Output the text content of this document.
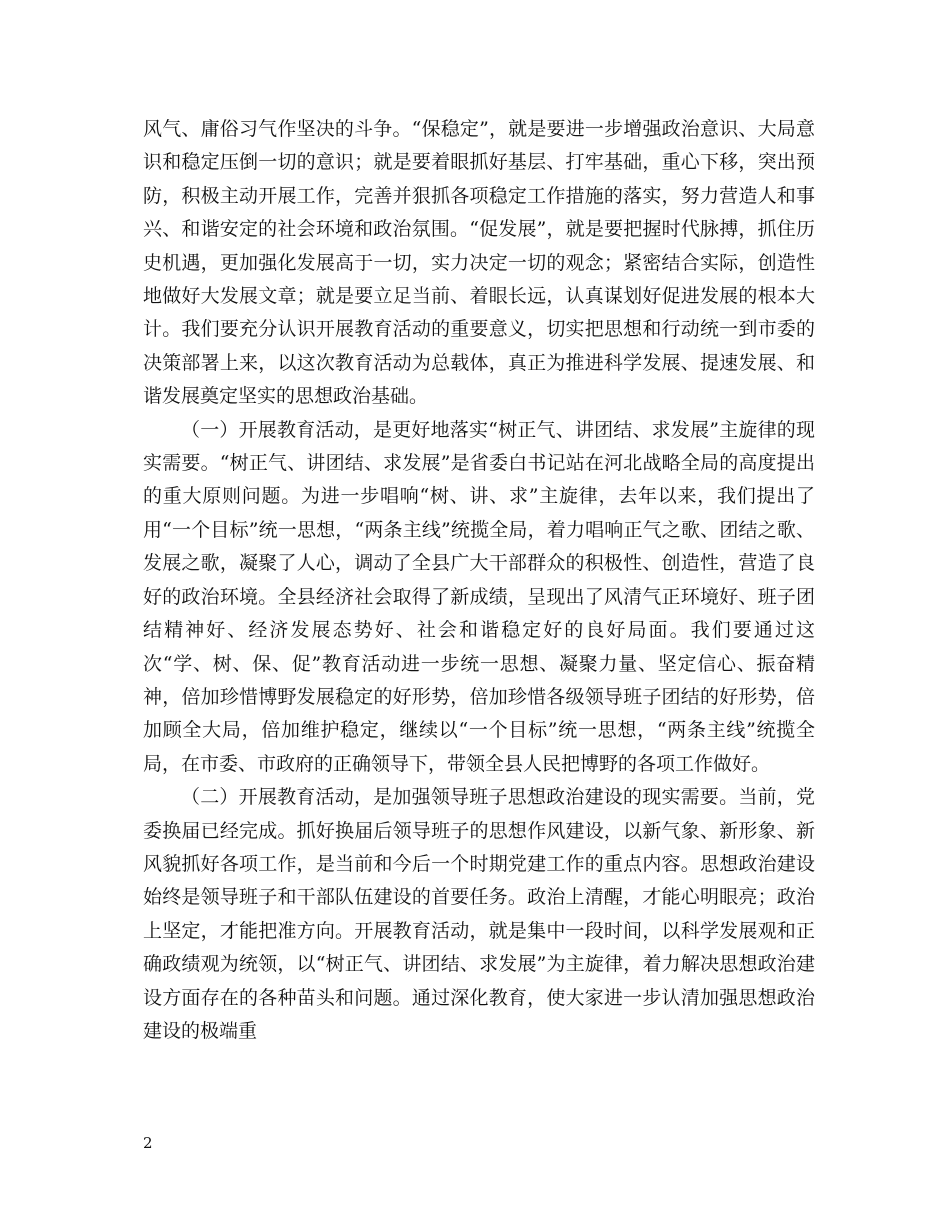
风气、庸俗习气作坚决的斗争。“保稳定”，就是要进一步增强政治意识、大局意识和稳定压倒一切的意识；就是要着眼抓好基层、打牢基础，重心下移，突出预防，积极主动开展工作，完善并狠抓各项稳定工作措施的落实，努力营造人和事兴、和谐安定的社会环境和政治氛围。“促发展”，就是要把握时代脉搏，抓住历史机遇，更加强化发展高于一切，实力决定一切的观念；紧密结合实际，创造性地做好大发展文章；就是要立足当前、着眼长远，认真谋划好促进发展的根本大计。我们要充分认识开展教育活动的重要意义，切实把思想和行动统一到市委的决策部署上来，以这次教育活动为总载体，真正为推进科学发展、提速发展、和谐发展奠定坚实的思想政治基础。

（一）开展教育活动，是更好地落实“树正气、讲团结、求发展”主旋律的现实需要。“树正气、讲团结、求发展”是省委白书记站在河北战略全局的高度提出的重大原则问题。为进一步唱响“树、讲、求”主旋律，去年以来，我们提出了用“一个目标”统一思想，“两条主线”统揽全局，着力唱响正气之歌、团结之歌、发展之歌，凝聚了人心，调动了全县广大干部群众的积极性、创造性，营造了良好的政治环境。全县经济社会取得了新成绩，呈现出了风清气正环境好、班子团结精神好、经济发展态势好、社会和谐稳定好的良好局面。我们要通过这次“学、树、保、促”教育活动进一步统一思想、凝聚力量、坚定信心、振奋精神，倍加珍惜博野发展稳定的好形势，倍加珍惜各级领导班子团结的好形势，倍加顾全大局，倍加维护稳定，继续以“一个目标”统一思想，“两条主线”统揽全局，在市委、市政府的正确领导下，带领全县人民把博野的各项工作做好。

（二）开展教育活动，是加强领导班子思想政治建设的现实需要。当前，党委换届已经完成。抓好换届后领导班子的思想作风建设，以新气象、新形象、新风貌抓好各项工作，是当前和今后一个时期党建工作的重点内容。思想政治建设始终是领导班子和干部队伍建设的首要任务。政治上清醒，才能心明眼亮；政治上坚定，才能把准方向。开展教育活动，就是集中一段时间，以科学发展观和正确政绩观为统领，以“树正气、讲团结、求发展”为主旋律，着力解决思想政治建设方面存在的各种苗头和问题。通过深化教育，使大家进一步认清加强思想政治建设的极端重

2
